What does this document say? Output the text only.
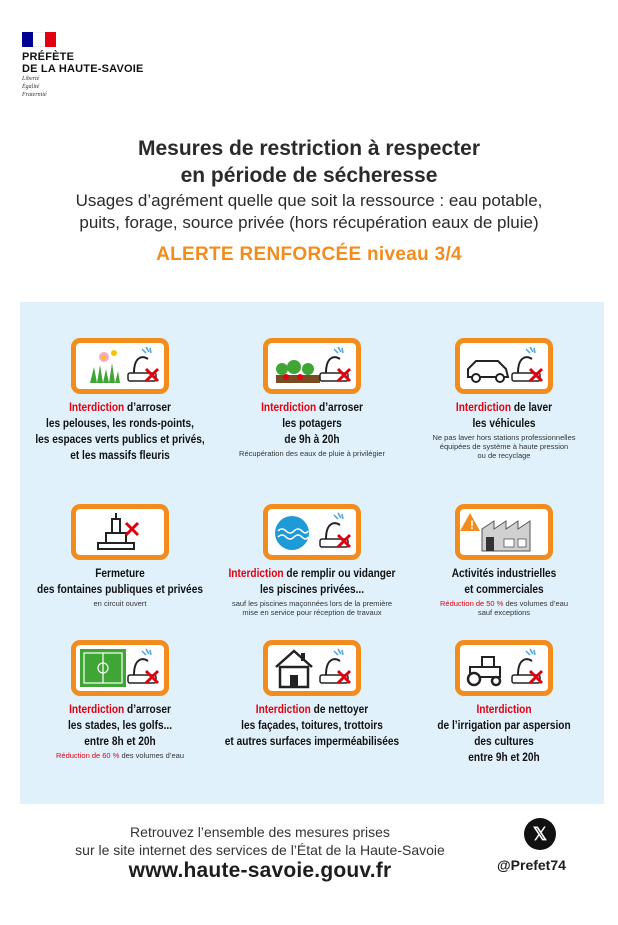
PRÉFÈTE
DE LA HAUTE-SAVOIE
Liberté
Égalité
Fraternité
Mesures de restriction à respecter
en période de sécheresse
Usages d’agrément quelle que soit la ressource : eau potable,
puits, forage, source privée (hors récupération eaux de pluie)
ALERTE RENFORCÉE niveau 3/4
Interdiction d’arroser
les pelouses, les ronds-points,
les espaces verts publics et privés,
et les massifs fleuris
Interdiction d’arroser
les potagers
de 9h à 20h
Récupération des eaux de pluie à privilégier
Interdiction de laver
les véhicules
Ne pas laver hors stations professionnelles
équipées de système à haute pression
ou de recyclage
Fermeture
des fontaines publiques et privées
en circuit ouvert
Interdiction de remplir ou vidanger
les piscines privées...
sauf les piscines maçonnées lors de la première
mise en service pour réception de travaux
!
Activités industrielles
et commerciales
Réduction de 50 % des volumes d’eau
sauf exceptions
Interdiction d’arroser
les stades, les golfs...
entre 8h et 20h
Réduction de 60 % des volumes d’eau
Interdiction de nettoyer
les façades, toitures, trottoirs
et autres surfaces imperméabilisées
Interdiction
de l’irrigation par aspersion
des cultures
entre 9h et 20h
Retrouvez l’ensemble des mesures prises
sur le site internet des services de l’État de la Haute-Savoie
www.haute-savoie.gouv.fr
𝕏
@Prefet74
